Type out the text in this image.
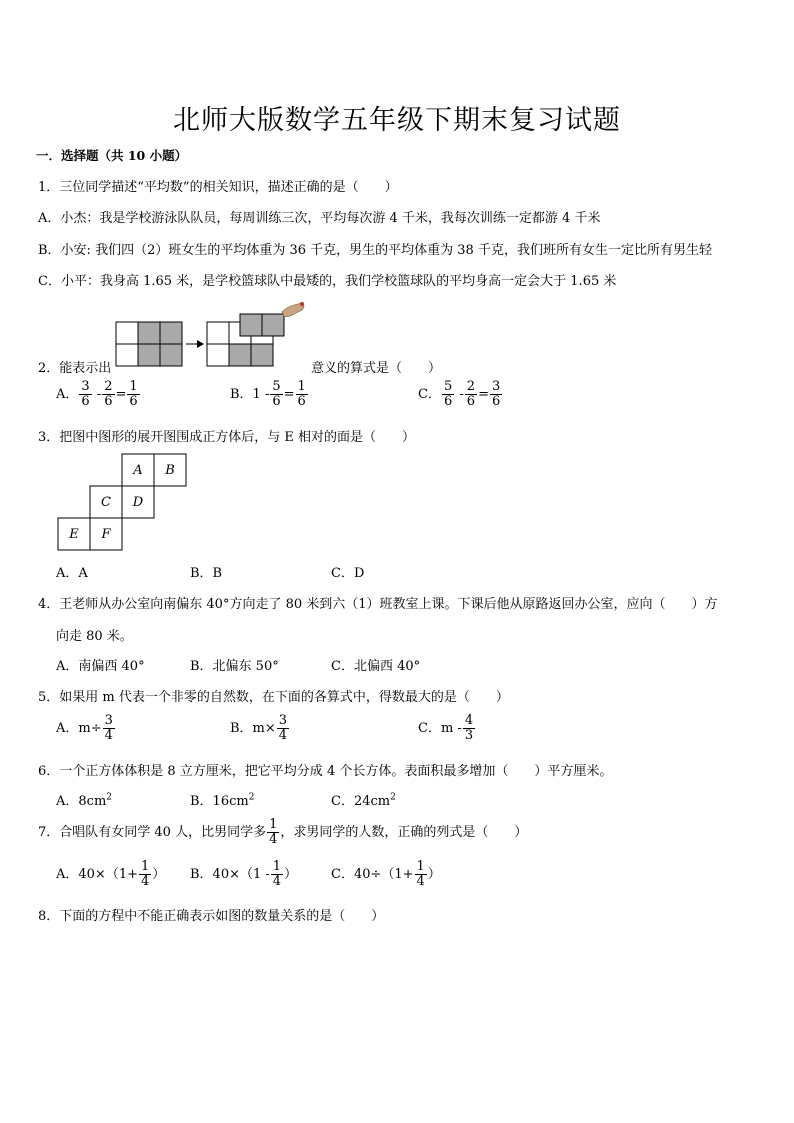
北师大版数学五年级下期末复习试题
一．选择题（共 10 小题）
1．三位同学描述“平均数”的相关知识，描述正确的是（　　）
A．小杰：我是学校游泳队队员，每周训练三次，平均每次游 4 千米，我每次训练一定都游 4 千米
B．小安: 我们四（2）班女生的平均体重为 36 千克，男生的平均体重为 38 千克，我们班所有女生一定比所有男生轻
C．小平：我身高 1.65 米，是学校篮球队中最矮的，我们学校篮球队的平均身高一定会大于 1.65 米
2．能表示出	意义的算式是（　　）
A． $\frac{3}{6} - \frac{2}{6} = \frac{1}{6}$	B．$1 - \frac{5}{6} = \frac{1}{6}$	C． $\frac{5}{6} - \frac{2}{6} = \frac{3}{6}$
3．把图中图形的展开图围成正方体后，与 E 相对的面是（　　）
A B
C D
E F
A．A	B．B	C．D
4．王老师从办公室向南偏东 40°方向走了 80 米到六（1）班教室上课。下课后他从原路返回办公室，应向（　　）方
向走 80 米。
A．南偏西 40°	B．北偏东 50°	C．北偏西 40°
5．如果用 m 代表一个非零的自然数，在下面的各算式中，得数最大的是（　　）
A．$m\div \frac{3}{4}$	B．$m\times \frac{3}{4}$	C．m - $\frac{4}{3}$
6．一个正方体体积是 8 立方厘米，把它平均分成 4 个长方体。表面积最多增加（　　）平方厘米。
A．$8cm^2$	B．$16cm^2$	C．$24cm^2$
7．合唱队有女同学 40 人，比男同学多 $\frac{1}{4}$ ，求男同学的人数，正确的列式是（　　）
A．$40\times(1+ \frac{1}{4}$ ） B．$40\times(1 - \frac{1}{4}$ ）	C．$40\div(1+ \frac{1}{4}$ ）
8．下面的方程中不能正确表示如图的数量关系的是（　　）
